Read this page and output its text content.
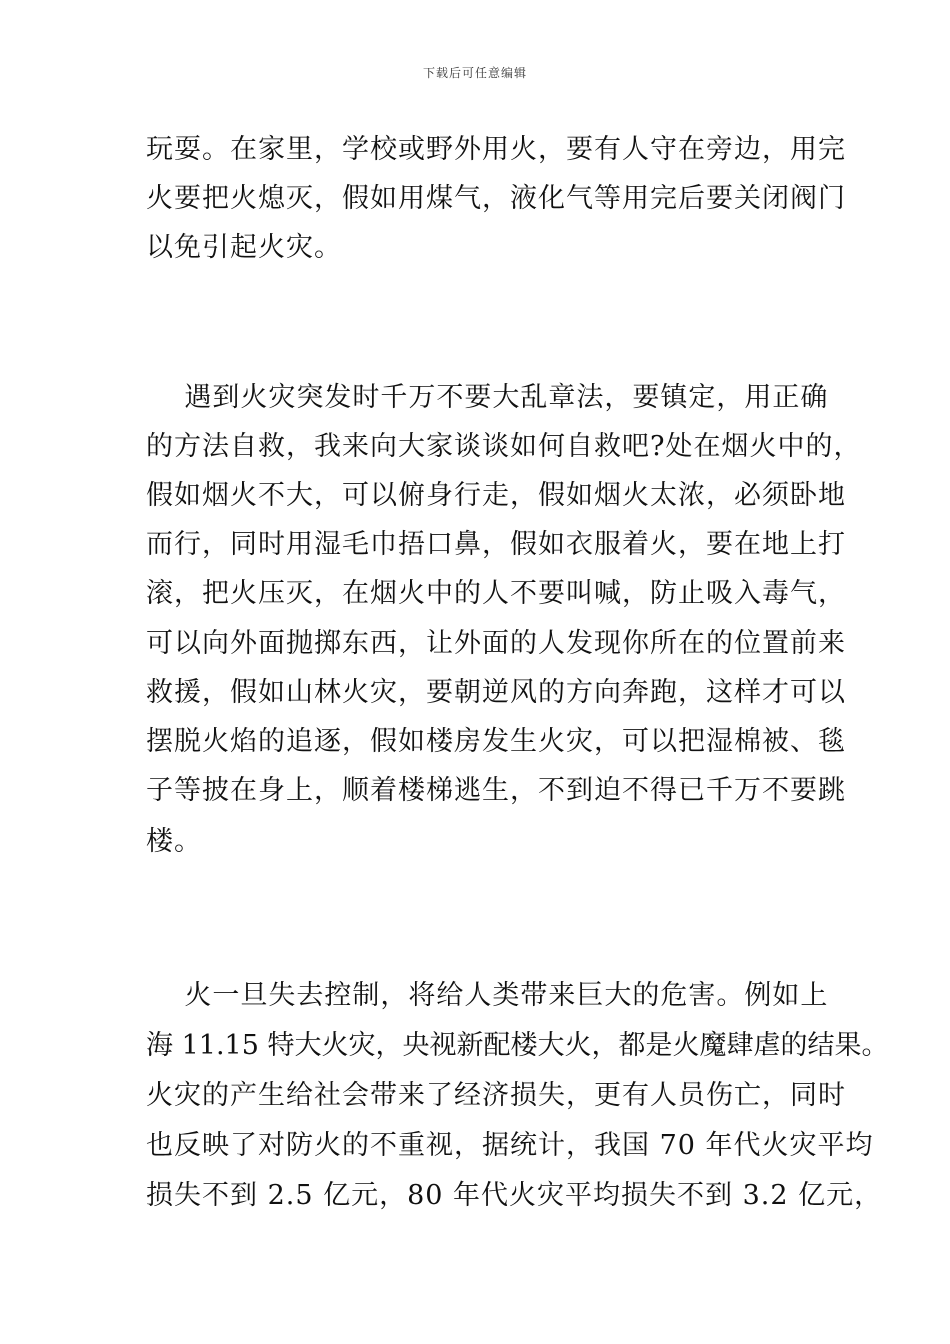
下载后可任意编辑
玩耍。在家里，学校或野外用火，要有人守在旁边，用完
火要把火熄灭，假如用煤气，液化气等用完后要关闭阀门
以免引起火灾。
遇到火灾突发时千万不要大乱章法，要镇定，用正确
的方法自救，我来向大家谈谈如何自救吧?处在烟火中的，
假如烟火不大，可以俯身行走，假如烟火太浓，必须卧地
而行，同时用湿毛巾捂口鼻，假如衣服着火，要在地上打
滚，把火压灭，在烟火中的人不要叫喊，防止吸入毒气，
可以向外面抛掷东西，让外面的人发现你所在的位置前来
救援，假如山林火灾，要朝逆风的方向奔跑，这样才可以
摆脱火焰的追逐，假如楼房发生火灾，可以把湿棉被、毯
子等披在身上，顺着楼梯逃生，不到迫不得已千万不要跳
楼。
火一旦失去控制，将给人类带来巨大的危害。例如上
海 11.15 特大火灾，央视新配楼大火，都是火魔肆虐的结果。
火灾的产生给社会带来了经济损失，更有人员伤亡，同时
也反映了对防火的不重视，据统计，我国 70 年代火灾平均
损失不到 2.5 亿元，80 年代火灾平均损失不到 3.2 亿元，
